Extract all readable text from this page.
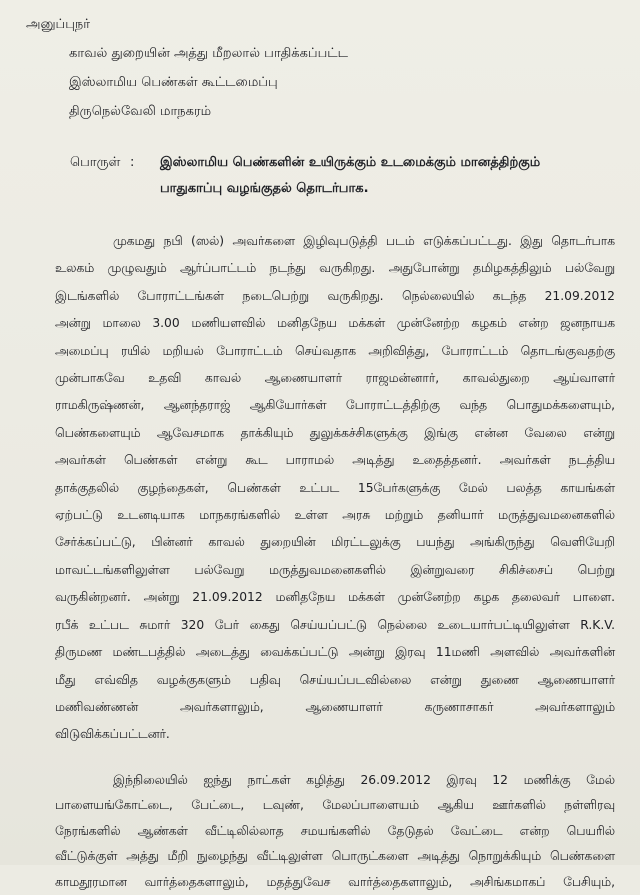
அனுப்புநர்
காவல் துறையின் அத்து மீறலால் பாதிக்கப்பட்ட
இஸ்லாமிய பெண்கள் கூட்டமைப்பு
திருநெல்வேலி மாநகரம்
பொருள் :	இஸ்லாமிய பெண்களின் உயிருக்கும் உடமைக்கும் மானத்திற்கும்
பாதுகாப்பு வழங்குதல் தொடர்பாக.
முகமது நபி (ஸல்) அவர்களை இழிவுபடுத்தி படம் எடுக்கப்பட்டது. இது தொடர்பாக
உலகம் முழுவதும் ஆர்ப்பாட்டம் நடந்து வருகிறது. அதுபோன்று தமிழகத்திலும் பல்வேறு
இடங்களில் போராட்டங்கள் நடைபெற்று வருகிறது. நெல்லையில் கடந்த 21.09.2012
அன்று மாலை 3.00 மணியளவில் மனிதநேய மக்கள் முன்னேற்ற கழகம் என்ற ஜனநாயக
அமைப்பு ரயில் மறியல் போராட்டம் செய்வதாக அறிவித்து, போராட்டம் தொடங்குவதற்கு
முன்பாகவே உதவி காவல் ஆணையாளர் ராஜமன்னார், காவல்துறை ஆய்வாளர்
ராமகிருஷ்ணன், ஆனந்தராஜ் ஆகியோர்கள் போராட்டத்திற்கு வந்த பொதுமக்களையும்,
பெண்களையும் ஆவேசமாக தாக்கியும் துலுக்கச்சிகளுக்கு இங்கு என்ன வேலை என்று
அவர்கள் பெண்கள் என்று கூட பாராமல் அடித்து உதைத்தனர். அவர்கள் நடத்திய
தாக்குதலில் குழந்தைகள், பெண்கள் உட்பட 15பேர்களுக்கு மேல் பலத்த காயங்கள்
ஏற்பட்டு உடனடியாக மாநகரங்களில் உள்ள அரசு மற்றும் தனியார் மருத்துவமனைகளில்
சேர்க்கப்பட்டு, பின்னர் காவல் துறையின் மிரட்டலுக்கு பயந்து அங்கிருந்து வெளியேறி
மாவட்டங்களிலுள்ள பல்வேறு மருத்துவமனைகளில் இன்றுவரை சிகிச்சைப் பெற்று
வருகின்றனர். அன்று 21.09.2012 மனிதநேய மக்கள் முன்னேற்ற கழக தலைவர் பாளை.
ரபீக் உட்பட சுமார் 320 பேர் கைது செய்யப்பட்டு நெல்லை உடையார்பட்டியிலுள்ள R.K.V.
திருமண மண்டபத்தில் அடைத்து வைக்கப்பட்டு அன்று இரவு 11மணி அளவில் அவர்களின்
மீது எவ்வித வழக்குகளும் பதிவு செய்யப்படவில்லை என்று துணை ஆணையாளர்
மணிவண்ணன் அவர்களாலும், ஆணையாளர் கருணாசாகர் அவர்களாலும்
விடுவிக்கப்பட்டனர்.
இந்நிலையில் ஐந்து நாட்கள் கழித்து 26.09.2012 இரவு 12 மணிக்கு மேல்
பாளையங்கோட்டை, பேட்டை, டவுண், மேலப்பாளையம் ஆகிய ஊர்களில் நள்ளிரவு
நேரங்களில் ஆண்கள் வீட்டிலில்லாத சமயங்களில் தேடுதல் வேட்டை என்ற பெயரில்
வீட்டுக்குள் அத்து மீறி நுழைந்து வீட்டிலுள்ள பொருட்களை அடித்து நொறுக்கியும் பெண்களை
காமதூரமான வார்த்தைகளாலும், மதத்துவேச வார்த்தைகளாலும், அசிங்கமாகப் பேசியும்,
